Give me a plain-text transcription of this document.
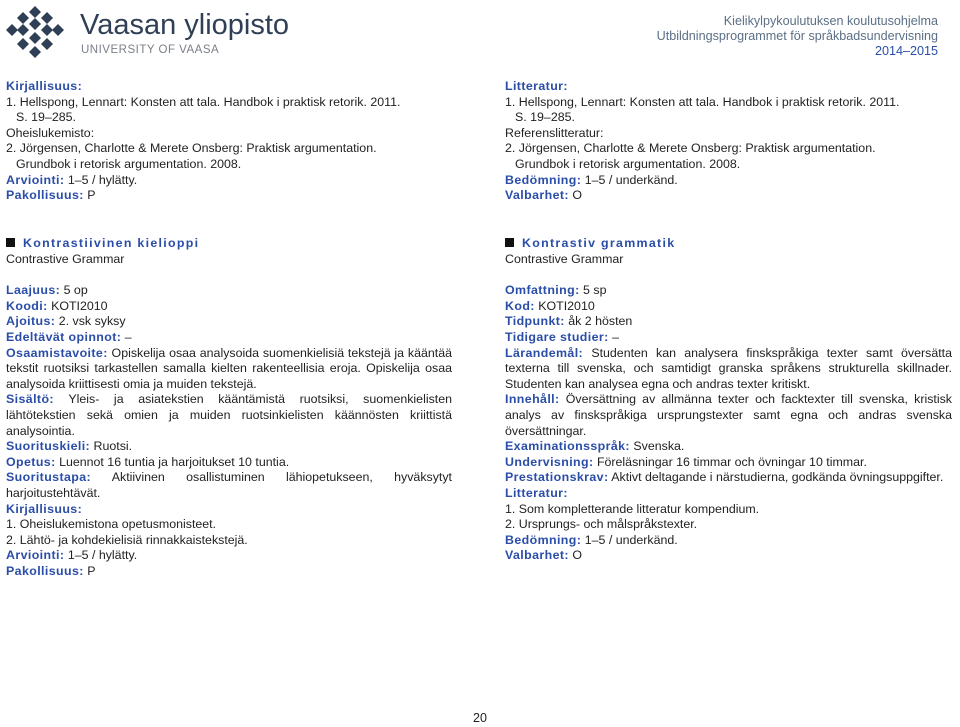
Vaasan yliopisto
UNIVERSITY OF VAASA
Kielikylpykoulutuksen koulutusohjelma
Utbildningsprogrammet för språkbadsundervisning
2014–2015

Kirjallisuus:

1. Hellspong, Lennart: Konsten att tala. Handbok i praktisk retorik. 2011.

S. 19–285.

Oheislukemisto:

2. Jörgensen, Charlotte & Merete Onsberg: Praktisk argumentation.

Grundbok i retorisk argumentation. 2008.

Arviointi: 1–5 / hylätty.

Pakollisuus: P

Litteratur:

1. Hellspong, Lennart: Konsten att tala. Handbok i praktisk retorik. 2011.

S. 19–285.

Referenslitteratur:

2. Jörgensen, Charlotte & Merete Onsberg: Praktisk argumentation.

Grundbok i retorisk argumentation. 2008.

Bedömning: 1–5 / underkänd.

Valbarhet: O

Kontrastiivinen kielioppi

Contrastive Grammar

Laajuus: 5 op

Koodi: KOTI2010

Ajoitus: 2. vsk syksy

Edeltävät opinnot: –

Osaamistavoite: Opiskelija osaa analysoida suomenkielisiä tekstejä ja kääntää tekstit ruotsiksi tarkastellen samalla kielten rakenteellisia eroja. Opiskelija osaa analysoida kriittisesti omia ja muiden tekstejä.

Sisältö: Yleis- ja asiatekstien kääntämistä ruotsiksi, suomenkielisten lähtötekstien sekä omien ja muiden ruotsinkielisten käännösten kriittistä analysointia.

Suorituskieli: Ruotsi.

Opetus: Luennot 16 tuntia ja harjoitukset 10 tuntia.

Suoritustapa: Aktiivinen osallistuminen lähiopetukseen, hyväksytyt harjoitustehtävät.

Kirjallisuus:

1. Oheislukemistona opetusmonisteet.

2. Lähtö- ja kohdekielisiä rinnakkaistekstejä.

Arviointi: 1–5 / hylätty.

Pakollisuus: P

Kontrastiv grammatik

Contrastive Grammar

Omfattning: 5 sp

Kod: KOTI2010

Tidpunkt: åk 2 hösten

Tidigare studier: –

Lärandemål: Studenten kan analysera finskspråkiga texter samt översätta texterna till svenska, och samtidigt granska språkens strukturella skillnader. Studenten kan analysea egna och andras texter kritiskt.

Innehåll: Översättning av allmänna texter och facktexter till svenska, kristisk analys av finskspråkiga ursprungstexter samt egna och andras svenska översättningar.

Examinationsspråk: Svenska.

Undervisning: Föreläsningar 16 timmar och övningar 10 timmar.

Prestationskrav: Aktivt deltagande i närstudierna, godkända övningsuppgifter.

Litteratur:

1. Som kompletterande litteratur kompendium.

2. Ursprungs- och målspråkstexter.

Bedömning: 1–5 / underkänd.

Valbarhet: O

20
